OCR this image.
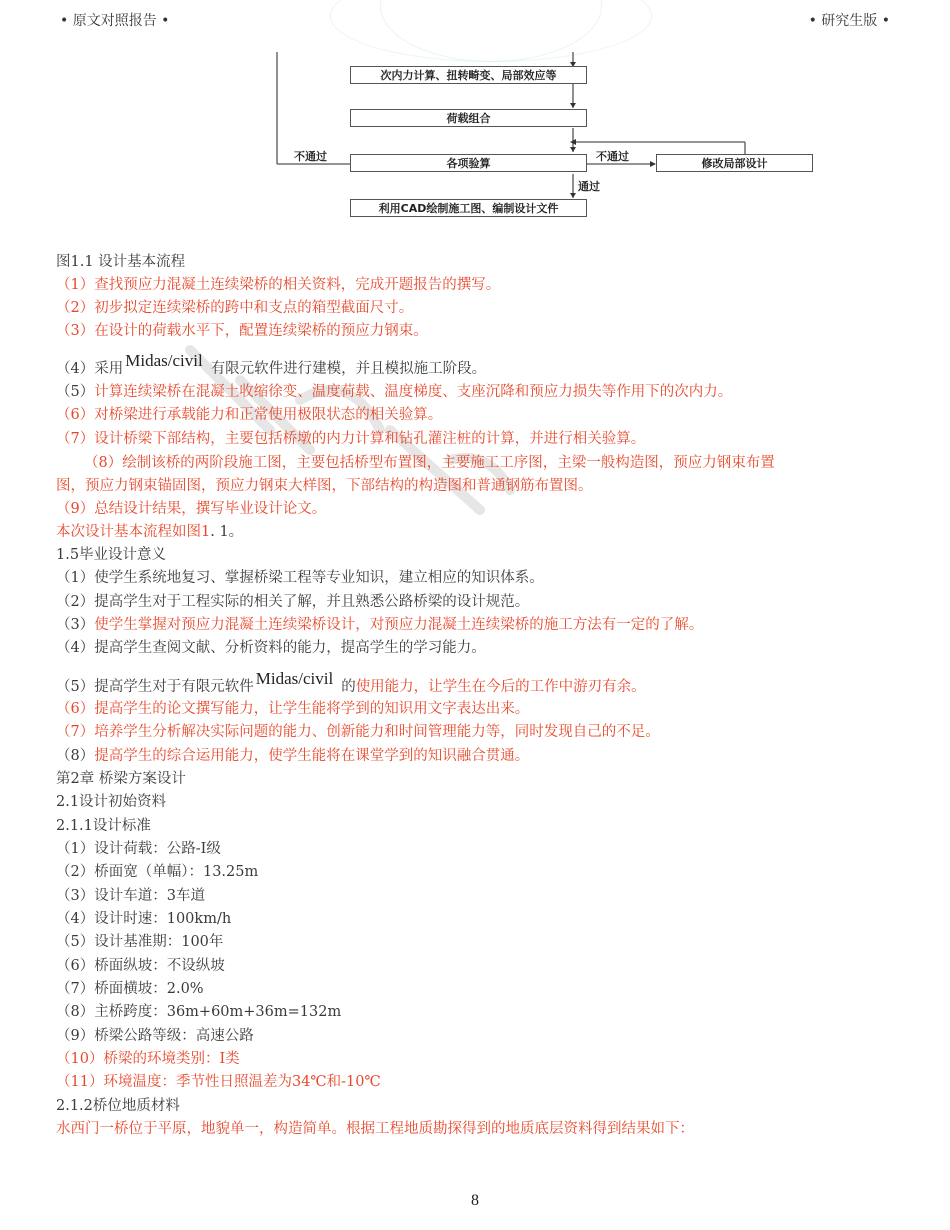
• 原文对照报告 •	• 研究生版 •
次内力计算、扭转畸变、局部效应等
荷载组合
各项验算	修改局部设计
利用CAD绘制施工图、编制设计文件
不通过	不通过
通过
图1.1 设计基本流程
（1）查找预应力混凝土连续梁桥的相关资料，完成开题报告的撰写。
（2）初步拟定连续梁桥的跨中和支点的箱型截面尺寸。
（3）在设计的荷载水平下，配置连续梁桥的预应力钢束。
（4）采用 Midas/civil 有限元软件进行建模，并且模拟施工阶段。
（5）计算连续梁桥在混凝土收缩徐变、温度荷载、温度梯度、支座沉降和预应力损失等作用下的次内力。
（6）对桥梁进行承载能力和正常使用极限状态的相关验算。
（7）设计桥梁下部结构，主要包括桥墩的内力计算和钻孔灌注桩的计算，并进行相关验算。
（8）绘制该桥的两阶段施工图，主要包括桥型布置图，主要施工工序图，主梁一般构造图，预应力钢束布置
图，预应力钢束锚固图，预应力钢束大样图，下部结构的构造图和普通钢筋布置图。
（9）总结设计结果，撰写毕业设计论文。
本次设计基本流程如图1. 1。
1.5毕业设计意义
（1）使学生系统地复习、掌握桥梁工程等专业知识，建立相应的知识体系。
（2）提高学生对于工程实际的相关了解，并且熟悉公路桥梁的设计规范。
（3）使学生掌握对预应力混凝土连续梁桥设计，对预应力混凝土连续梁桥的施工方法有一定的了解。
（4）提高学生查阅文献、分析资料的能力，提高学生的学习能力。
（5）提高学生对于有限元软件 Midas/civil 的使用能力，让学生在今后的工作中游刃有余。
（6）提高学生的论文撰写能力，让学生能将学到的知识用文字表达出来。
（7）培养学生分析解决实际问题的能力、创新能力和时间管理能力等，同时发现自己的不足。
（8）提高学生的综合运用能力，使学生能将在课堂学到的知识融合贯通。
第2章 桥梁方案设计
2.1设计初始资料
2.1.1设计标准
（1）设计荷载：公路-I级
（2）桥面宽（单幅）：13.25m
（3）设计车道：3车道
（4）设计时速：100km/h
（5）设计基准期：100年
（6）桥面纵坡：不设纵坡
（7）桥面横坡：2.0%
（8）主桥跨度：36m+60m+36m=132m
（9）桥梁公路等级：高速公路
（10）桥梁的环境类别：I类
（11）环境温度：季节性日照温差为34℃和-10℃
2.1.2桥位地质材料
水西门一桥位于平原，地貌单一，构造简单。根据工程地质勘探得到的地质底层资料得到结果如下：
8
